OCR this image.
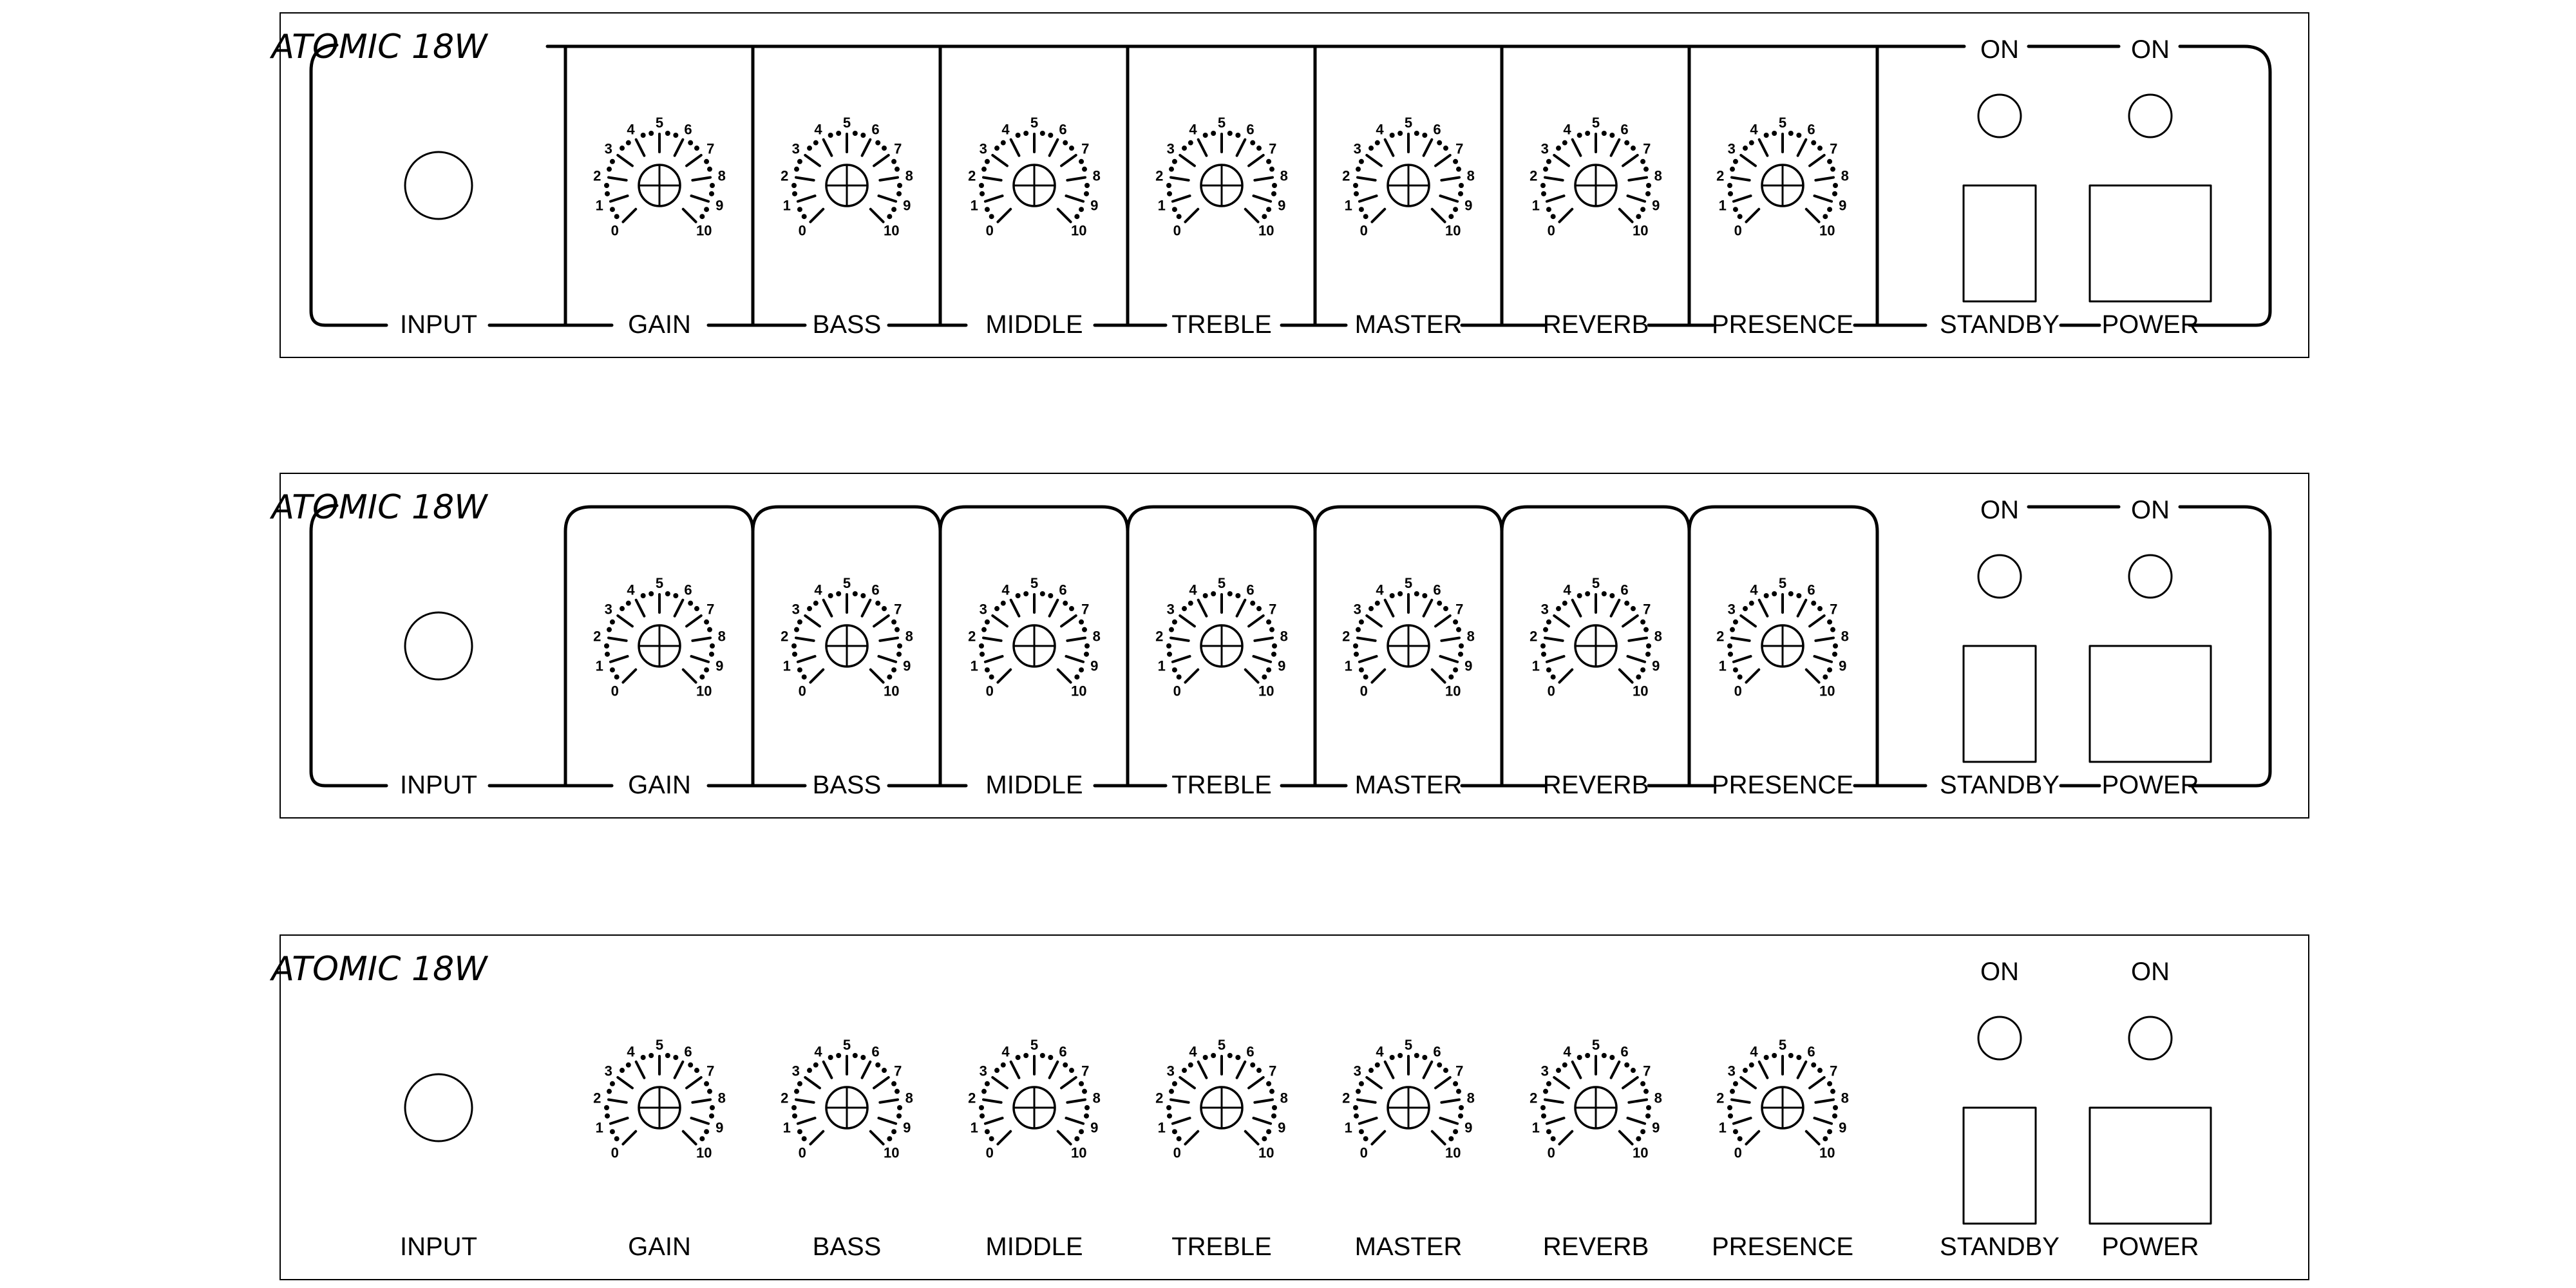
ATOMIC 18W
INPUT
0
1
2
3
4 5 6
7
8
9
10
GAIN
0
1
2
3
4 5 6
7
8
9
10
BASS
0
1
2
3
4 5 6
7
8
9
10
MIDDLE
0
1
2
3
4 5 6
7
8
9
10
TREBLE
0
1
2
3
4 5 6
7
8
9
10
MASTER
0
1
2
3
4 5 6
7
8
9
10
REVERB
0
1
2
3
4 5 6
7
8
9
10
PRESENCE
ON
STANDBY
ON
POWER
ATOMIC 18W
INPUT
0
1
2
3
4 5 6
7
8
9
10
GAIN
0
1
2
3
4 5 6
7
8
9
10
BASS
0
1
2
3
4 5 6
7
8
9
10
MIDDLE
0
1
2
3
4 5 6
7
8
9
10
TREBLE
0
1
2
3
4 5 6
7
8
9
10
MASTER
0
1
2
3
4 5 6
7
8
9
10
REVERB
0
1
2
3
4 5 6
7
8
9
10
PRESENCE
ON
STANDBY
ON
POWER
ATOMIC 18W
INPUT
0
1
2
3
4 5 6
7
8
9
10
GAIN
0
1
2
3
4 5 6
7
8
9
10
BASS
0
1
2
3
4 5 6
7
8
9
10
MIDDLE
0
1
2
3
4 5 6
7
8
9
10
TREBLE
0
1
2
3
4 5 6
7
8
9
10
MASTER
0
1
2
3
4 5 6
7
8
9
10
REVERB
0
1
2
3
4 5 6
7
8
9
10
PRESENCE
ON
STANDBY
ON
POWER
